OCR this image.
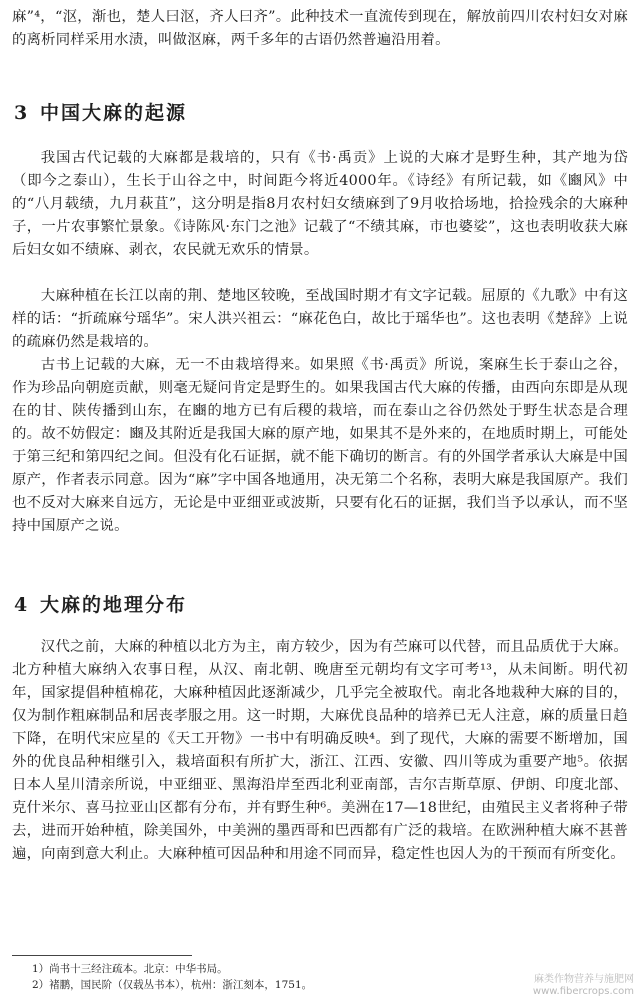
麻”⁴，“沤，渐也，楚人曰沤，齐人曰齐”。此种技术一直流传到现在，解放前四川农村妇女对麻的离析同样采用水渍，叫做沤麻，两千多年的古语仍然普遍沿用着。

3 中国大麻的起源

我国古代记载的大麻都是栽培的，只有《书·禹贡》上说的大麻才是野生种，其产地为岱（即今之泰山），生长于山谷之中，时间距今将近4000年。《诗经》有所记载，如《豳风》中的“八月载绩，九月萩苴”，这分明是指8月农村妇女绩麻到了9月收拾场地，拾捡残余的大麻种子，一片农事繁忙景象。《诗陈风·东门之池》记载了“不绩其麻，市也婆娑”，这也表明收获大麻后妇女如不绩麻、剥衣，农民就无欢乐的情景。

大麻种植在长江以南的荆、楚地区较晚，至战国时期才有文字记载。屈原的《九歌》中有这样的话：“折疏麻兮瑶华”。宋人洪兴祖云：“麻花色白，故比于瑶华也”。这也表明《楚辞》上说的疏麻仍然是栽培的。

古书上记载的大麻，无一不由栽培得来。如果照《书·禹贡》所说，案麻生长于泰山之谷，作为珍品向朝庭贡献，则毫无疑问肯定是野生的。如果我国古代大麻的传播，由西向东即是从现在的甘、陕传播到山东，在豳的地方已有后稷的栽培，而在泰山之谷仍然处于野生状态是合理的。故不妨假定：豳及其附近是我国大麻的原产地，如果其不是外来的，在地质时期上，可能处于第三纪和第四纪之间。但没有化石证据，就不能下确切的断言。有的外国学者承认大麻是中国原产，作者表示同意。因为“麻”字中国各地通用，决无第二个名称，表明大麻是我国原产。我们也不反对大麻来自远方，无论是中亚细亚或波斯，只要有化石的证据，我们当予以承认，而不坚持中国原产之说。

4 大麻的地理分布

汉代之前，大麻的种植以北方为主，南方较少，因为有苎麻可以代替，而且品质优于大麻。北方种植大麻纳入农事日程，从汉、南北朝、晚唐至元朝均有文字可考¹³，从未间断。明代初年，国家提倡种植棉花，大麻种植因此逐渐减少，几乎完全被取代。南北各地栽种大麻的目的，仅为制作粗麻制品和居丧孝服之用。这一时期，大麻优良品种的培养已无人注意，麻的质量日趋下降，在明代宋应星的《天工开物》一书中有明确反映⁴。到了现代，大麻的需要不断增加，国外的优良品种相继引入，栽培面积有所扩大，浙江、江西、安徽、四川等成为重要产地⁵。依据日本人星川清亲所说，中亚细亚、黑海沿岸至西北利亚南部，吉尔吉斯草原、伊朗、印度北部、克什米尔、喜马拉亚山区都有分布，并有野生种⁶。美洲在17—18世纪，由殖民主义者将种子带去，进而开始种植，除美国外，中美洲的墨西哥和巴西都有广泛的栽培。在欧洲种植大麻不甚普遍，向南到意大利止。大麻种植可因品种和用途不同而异，稳定性也因人为的干预而有所变化。

1）尚书十三经注疏本。北京：中华书局。

2）褚鹏，国民阶（仅载丛书本），杭州：浙江刻本，1751。	麻类作物营养与施肥网
www.fibercrops.com
